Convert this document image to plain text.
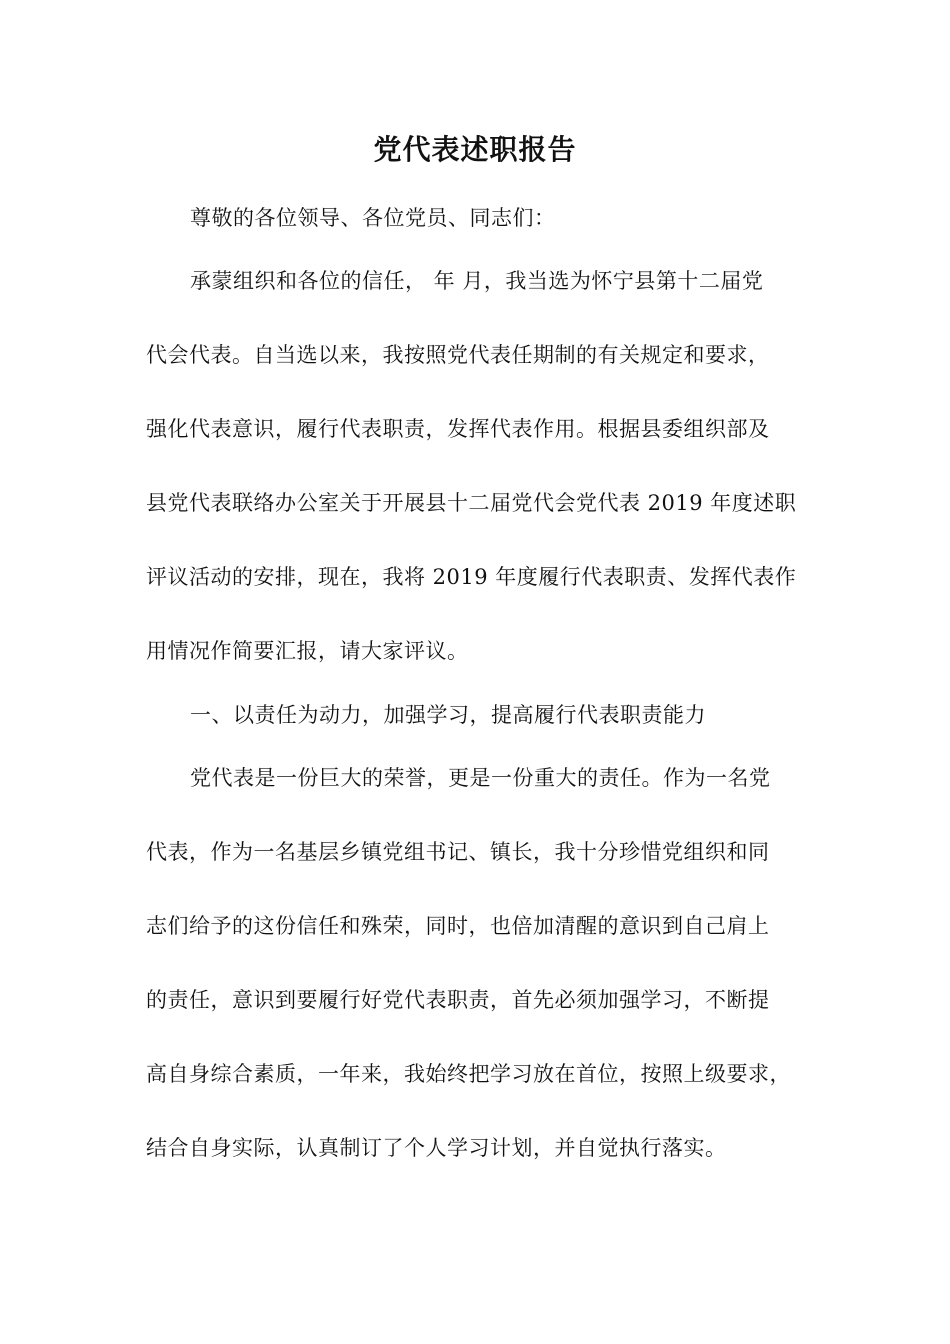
党代表述职报告
尊敬的各位领导、各位党员、同志们：
承蒙组织和各位的信任， 年 月，我当选为怀宁县第十二届党
代会代表。自当选以来，我按照党代表任期制的有关规定和要求，
强化代表意识，履行代表职责，发挥代表作用。根据县委组织部及
县党代表联络办公室关于开展县十二届党代会党代表 2019 年度述职
评议活动的安排，现在，我将 2019 年度履行代表职责、发挥代表作
用情况作简要汇报，请大家评议。
一、以责任为动力，加强学习，提高履行代表职责能力
党代表是一份巨大的荣誉，更是一份重大的责任。作为一名党
代表，作为一名基层乡镇党组书记、镇长，我十分珍惜党组织和同
志们给予的这份信任和殊荣，同时，也倍加清醒的意识到自己肩上
的责任，意识到要履行好党代表职责，首先必须加强学习，不断提
高自身综合素质，一年来，我始终把学习放在首位，按照上级要求，
结合自身实际，认真制订了个人学习计划，并自觉执行落实。
